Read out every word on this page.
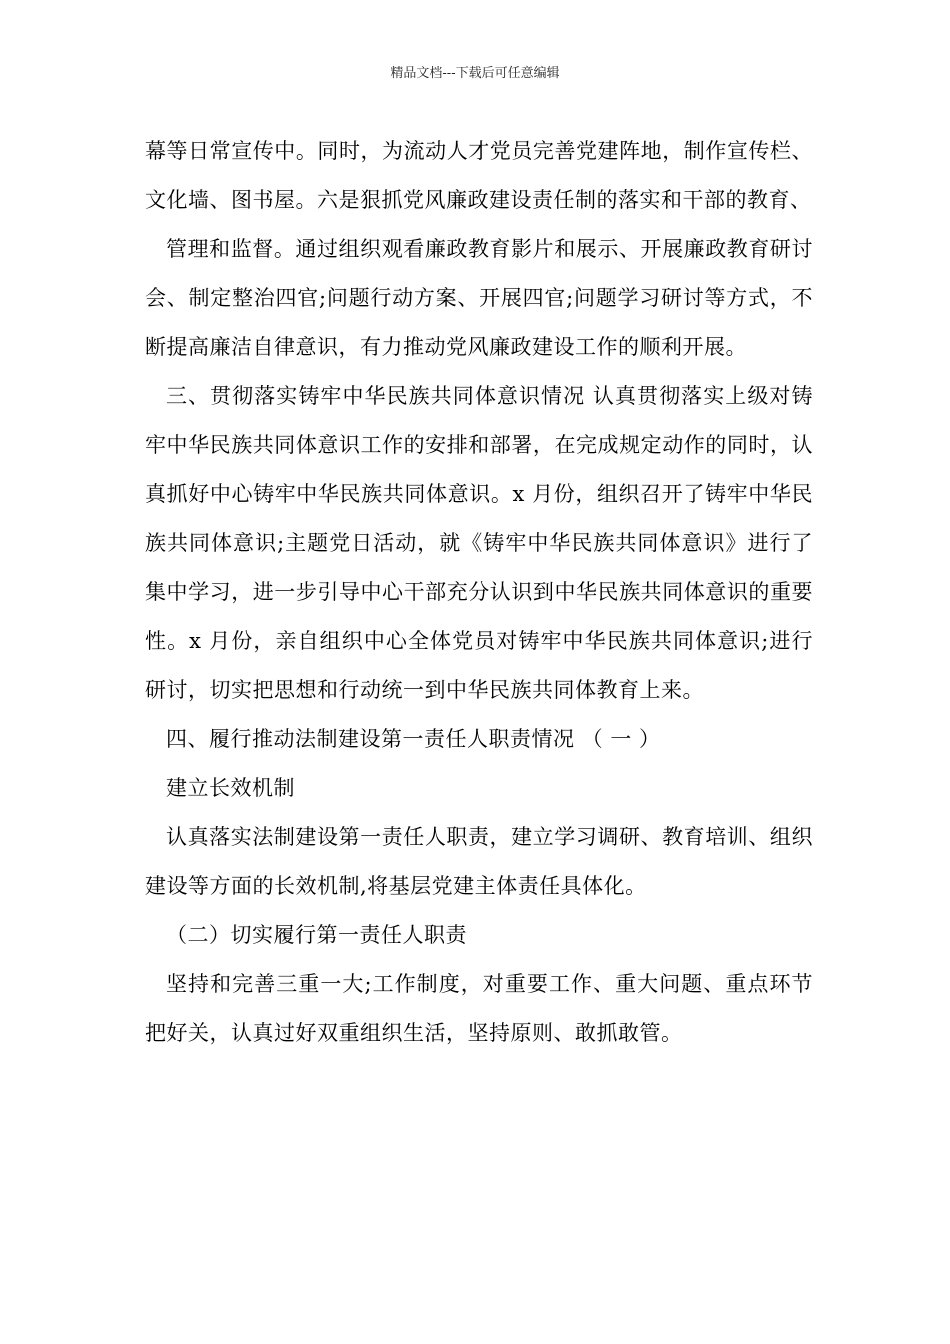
精品文档---下载后可任意编辑

幕等日常宣传中。同时，为流动人才党员完善党建阵地，制作宣传栏、文化墙、图书屋。六是狠抓党风廉政建设责任制的落实和干部的教育、

管理和监督。通过组织观看廉政教育影片和展示、开展廉政教育研讨会、制定整治四官;问题行动方案、开展四官;问题学习研讨等方式，不断提高廉洁自律意识，有力推动党风廉政建设工作的顺利开展。

三、贯彻落实铸牢中华民族共同体意识情况 认真贯彻落实上级对铸牢中华民族共同体意识工作的安排和部署，在完成规定动作的同时，认真抓好中心铸牢中华民族共同体意识。x 月份，组织召开了铸牢中华民族共同体意识;主题党日活动，就《铸牢中华民族共同体意识》进行了集中学习，进一步引导中心干部充分认识到中华民族共同体意识的重要性。x 月份，亲自组织中心全体党员对铸牢中华民族共同体意识;进行研讨，切实把思想和行动统一到中华民族共同体教育上来。

四、履行推动法制建设第一责任人职责情况 （ 一 ）

建立长效机制

认真落实法制建设第一责任人职责，建立学习调研、教育培训、组织建设等方面的长效机制,将基层党建主体责任具体化。

（二）切实履行第一责任人职责

坚持和完善三重一大;工作制度，对重要工作、重大问题、重点环节把好关，认真过好双重组织生活，坚持原则、敢抓敢管。
